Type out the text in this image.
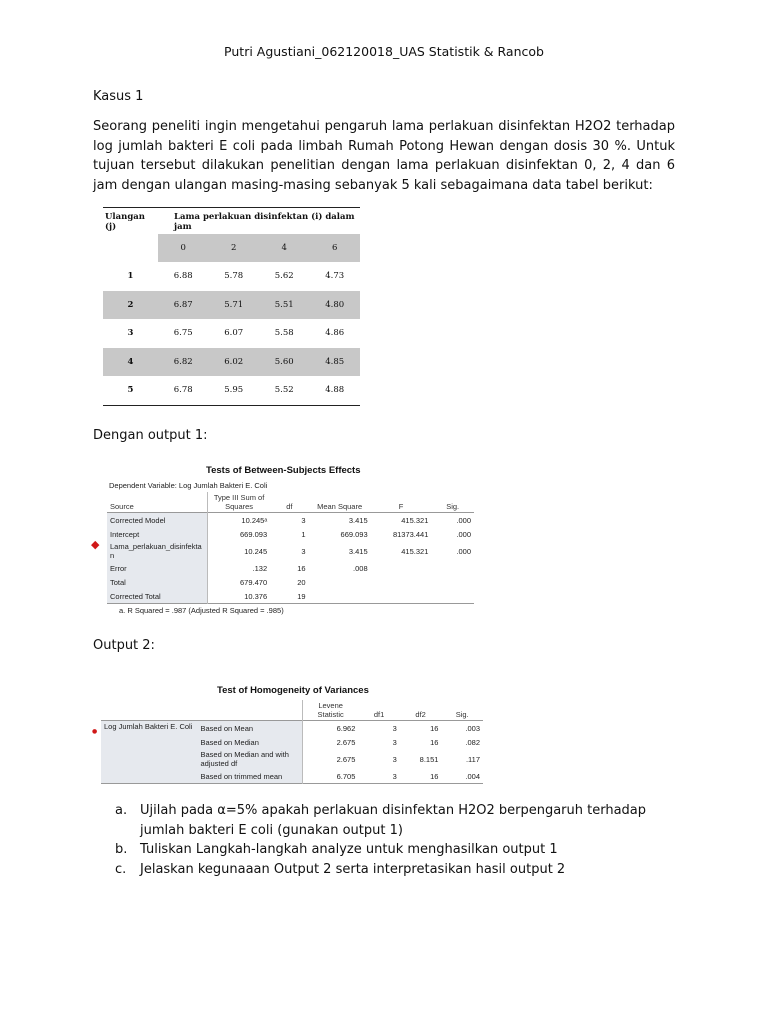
Putri Agustiani_062120018_UAS Statistik & Rancob
Kasus 1

Seorang peneliti ingin mengetahui pengaruh lama perlakuan disinfektan H2O2 terhadap log jumlah bakteri E coli pada limbah Rumah Potong Hewan dengan dosis 30 %. Untuk tujuan tersebut dilakukan penelitian dengan lama perlakuan disinfektan 0, 2, 4 dan 6 jam dengan ulangan masing-masing sebanyak 5 kali sebagaimana data tabel berikut:

Ulangan (j)	Lama perlakuan disinfektan (i) dalam jam			
	0	2	4	6
1	6.88	5.78	5.62	4.73
2	6.87	5.71	5.51	4.80
3	6.75	6.07	5.58	4.86
4	6.82	6.02	5.60	4.85
5	6.78	5.95	5.52	4.88
Dengan output 1:
Tests of Between-Subjects Effects
Dependent Variable: Log Jumlah Bakteri E. Coli
Source	Type III Sum of Squares	df	Mean Square	F	Sig.
Corrected Model	10.245ᵃ	3	3.415	415.321	.000
Intercept	669.093	1	669.093	81373.441	.000
Lama_perlakuan_disinfektan	10.245	3	3.415	415.321	.000
Error	.132	16	.008		
Total	679.470	20			
Corrected Total	10.376	19			
a. R Squared = .987 (Adjusted R Squared = .985)
◆
Output 2:
Test of Homogeneity of Variances
		Levene Statistic	df1	df2	Sig.
Log Jumlah Bakteri E. Coli	Based on Mean	6.962	3	16	.003
	Based on Median	2.675	3	16	.082
	Based on Median and with adjusted df	2.675	3	8.151	.117
	Based on trimmed mean	6.705	3	16	.004
●
a. Ujilah pada α=5% apakah perlakuan disinfektan H2O2 berpengaruh terhadap jumlah bakteri E coli (gunakan output 1)
b. Tuliskan Langkah-langkah analyze untuk menghasilkan output 1
c.	Jelaskan kegunaaan Output 2 serta interpretasikan hasil output 2
